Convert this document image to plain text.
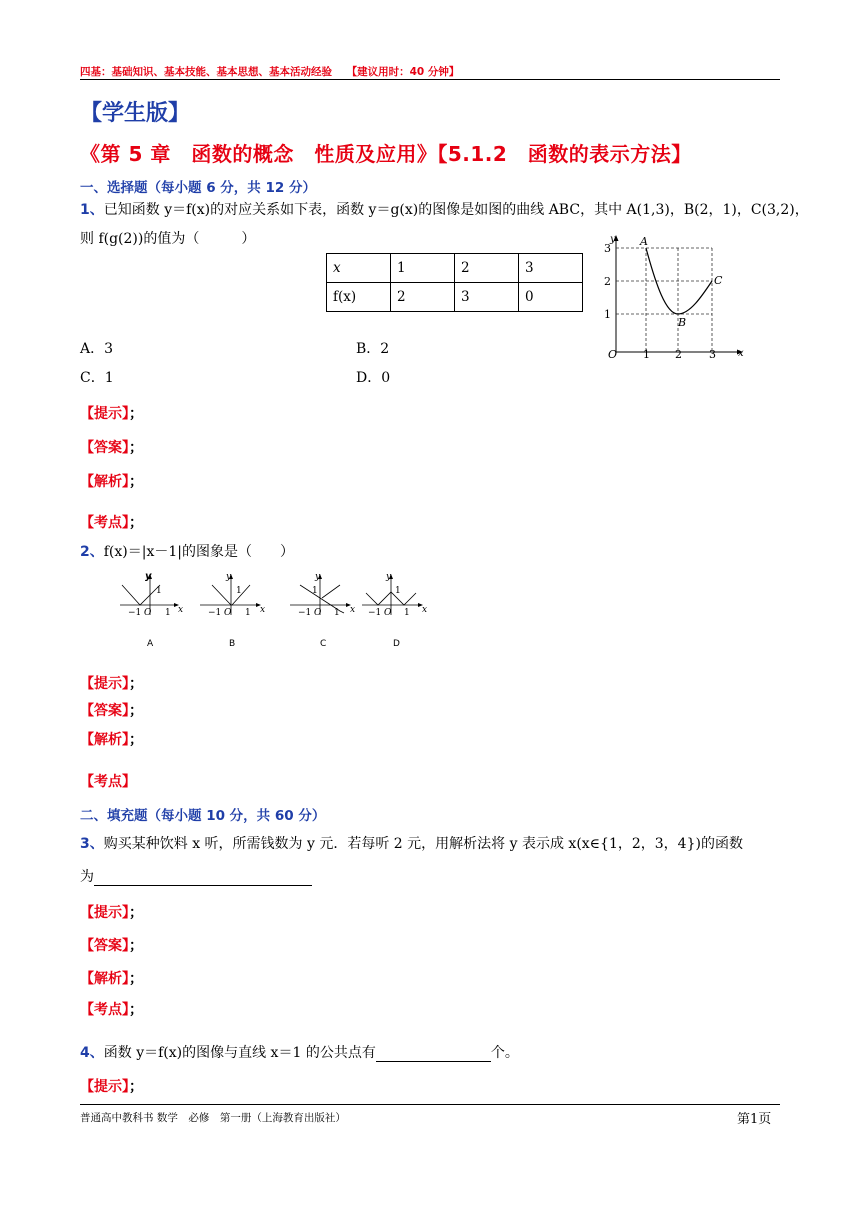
四基：基础知识、基本技能、基本思想、基本活动经验 【建议用时：40 分钟】
【学生版】
《第 5 章　函数的概念　性质及应用》【5.1.2　函数的表示方法】
一、选择题（每小题 6 分，共 12 分）
1、已知函数 y＝f(x)的对应关系如下表，函数 y＝g(x)的图像是如图的曲线 ABC，其中 A(1,3)，B(2，1)，C(3,2)，
则 f(g(2))的值为（　　　）
x	1	2	3
f(x)	2	3	0
y
x
3
2
1
O 1 2 3
A
B
C
A．3	B．2
C．1	D．0
【提示】；
【答案】；
【解析】；
【考点】；
2、f(x)＝|x－1|的图象是（　　）
y
x
1
−1 O 1
A
y
x
1
−1 O 1
B
y
x
1
−1 O 1
C
y
x
1
−1 O 1
D
【提示】；
【答案】；
【解析】；
【考点】
二、填充题（每小题 10 分，共 60 分）
3、购买某种饮料 x 听，所需钱数为 y 元．若每听 2 元，用解析法将 y 表示成 x(x∈{1，2，3，4})的函数
为
【提示】；
【答案】；
【解析】；
【考点】；
4、函数 y＝f(x)的图像与直线 x＝1 的公共点有	个。
【提示】；
普通高中教科书 数学　必修　第一册（上海教育出版社）	第1页
